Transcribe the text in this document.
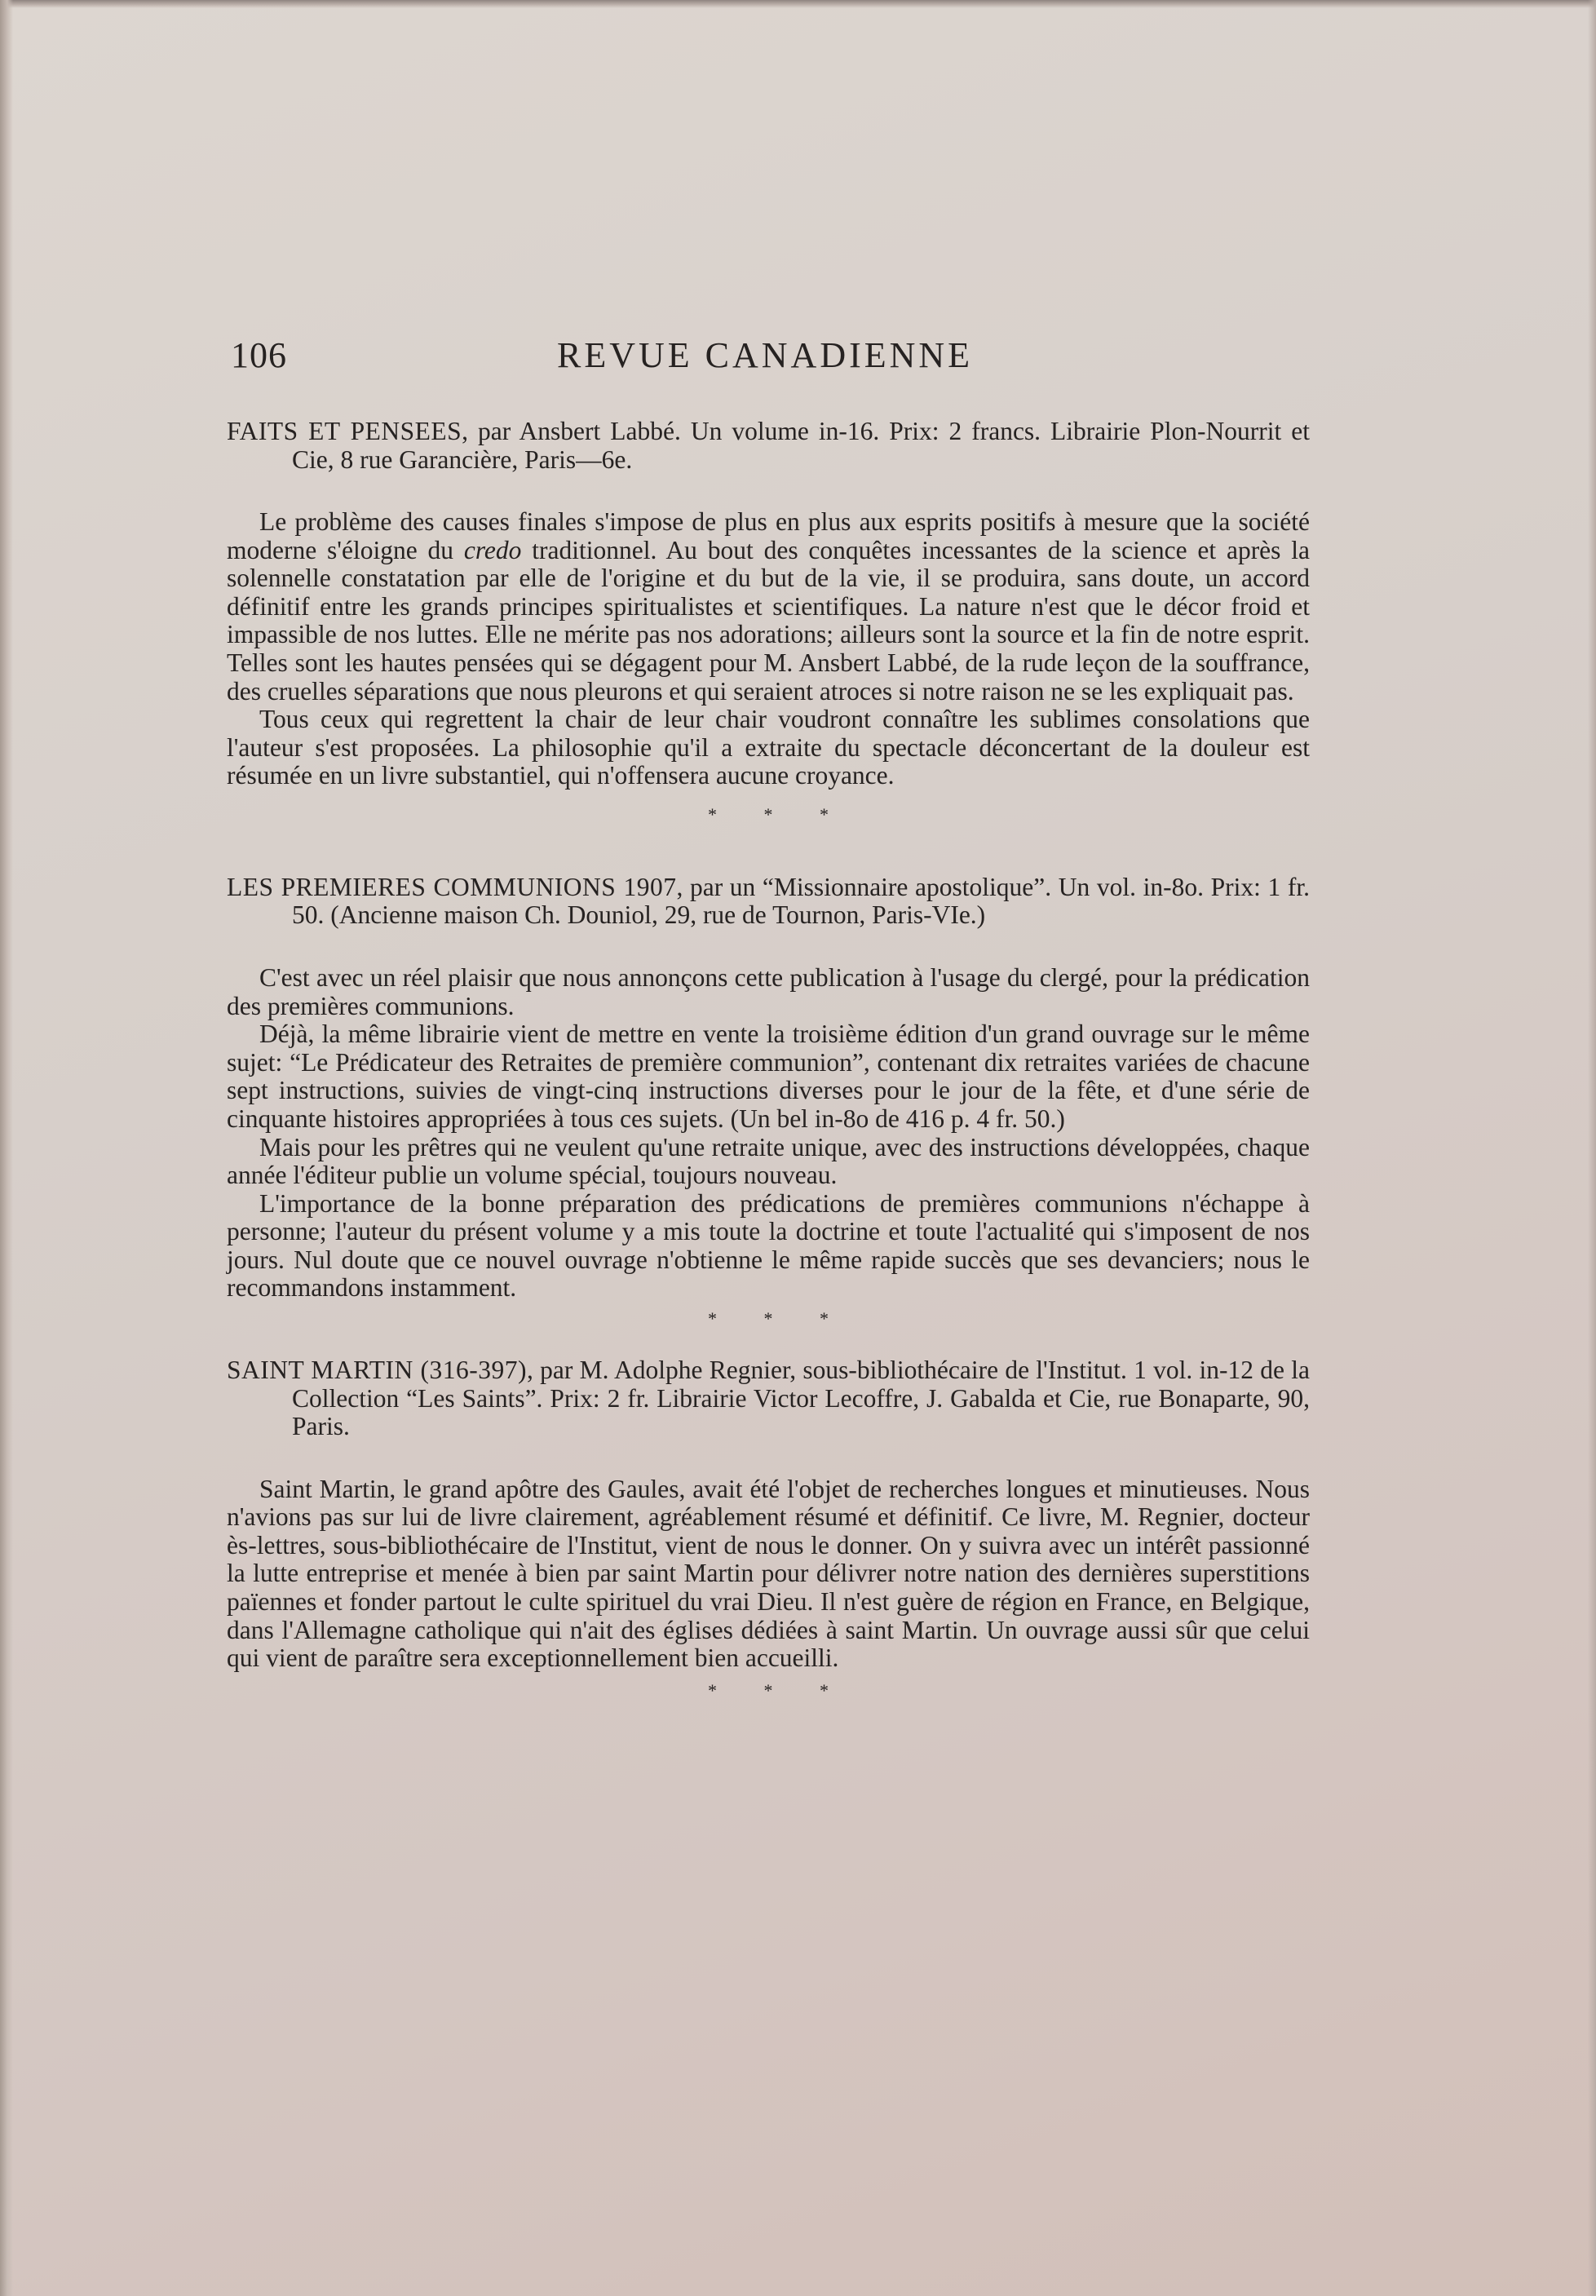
106	REVUE CANADIENNE

FAITS ET PENSEES, par Ansbert Labbé. Un volume in-16. Prix: 2 francs. Librairie Plon-Nourrit et Cie, 8 rue Garancière, Paris—6e.

Le problème des causes finales s'impose de plus en plus aux esprits positifs à mesure que la société moderne s'éloigne du credo traditionnel. Au bout des conquêtes incessantes de la science et après la solennelle constatation par elle de l'origine et du but de la vie, il se produira, sans doute, un accord définitif entre les grands principes spiritualistes et scientifiques. La nature n'est que le décor froid et impassible de nos luttes. Elle ne mérite pas nos adorations; ailleurs sont la source et la fin de notre esprit. Telles sont les hautes pensées qui se dégagent pour M. Ansbert Labbé, de la rude leçon de la souffrance, des cruelles séparations que nous pleurons et qui seraient atroces si notre raison ne se les expliquait pas.

Tous ceux qui regrettent la chair de leur chair voudront connaître les sublimes consolations que l'auteur s'est proposées. La philosophie qu'il a extraite du spectacle déconcertant de la douleur est résumée en un livre substantiel, qui n'offensera aucune croyance.

* * *

LES PREMIERES COMMUNIONS 1907, par un “Missionnaire apostolique”. Un vol. in-8o. Prix: 1 fr. 50. (Ancienne maison Ch. Douniol, 29, rue de Tournon, Paris-VIe.)

C'est avec un réel plaisir que nous annonçons cette publication à l'usage du clergé, pour la prédication des premières communions.

Déjà, la même librairie vient de mettre en vente la troisième édition d'un grand ouvrage sur le même sujet: “Le Prédicateur des Retraites de première communion”, contenant dix retraites variées de chacune sept instructions, suivies de vingt-cinq instructions diverses pour le jour de la fête, et d'une série de cinquante histoires appropriées à tous ces sujets. (Un bel in-8o de 416 p. 4 fr. 50.)

Mais pour les prêtres qui ne veulent qu'une retraite unique, avec des instructions développées, chaque année l'éditeur publie un volume spécial, toujours nouveau.

L'importance de la bonne préparation des prédications de premières communions n'échappe à personne; l'auteur du présent volume y a mis toute la doctrine et toute l'actualité qui s'imposent de nos jours. Nul doute que ce nouvel ouvrage n'obtienne le même rapide succès que ses devanciers; nous le recommandons instamment.

* * *

SAINT MARTIN (316-397), par M. Adolphe Regnier, sous-bibliothécaire de l'Institut. 1 vol. in-12 de la Collection “Les Saints”. Prix: 2 fr. Librairie Victor Lecoffre, J. Gabalda et Cie, rue Bonaparte, 90, Paris.

Saint Martin, le grand apôtre des Gaules, avait été l'objet de recherches longues et minutieuses. Nous n'avions pas sur lui de livre clairement, agréablement résumé et définitif. Ce livre, M. Regnier, docteur ès-lettres, sous-bibliothécaire de l'Institut, vient de nous le donner. On y suivra avec un intérêt passionné la lutte entreprise et menée à bien par saint Martin pour délivrer notre nation des dernières superstitions païennes et fonder partout le culte spirituel du vrai Dieu. Il n'est guère de région en France, en Belgique, dans l'Allemagne catholique qui n'ait des églises dédiées à saint Martin. Un ouvrage aussi sûr que celui qui vient de paraître sera exceptionnellement bien accueilli.

* * *
